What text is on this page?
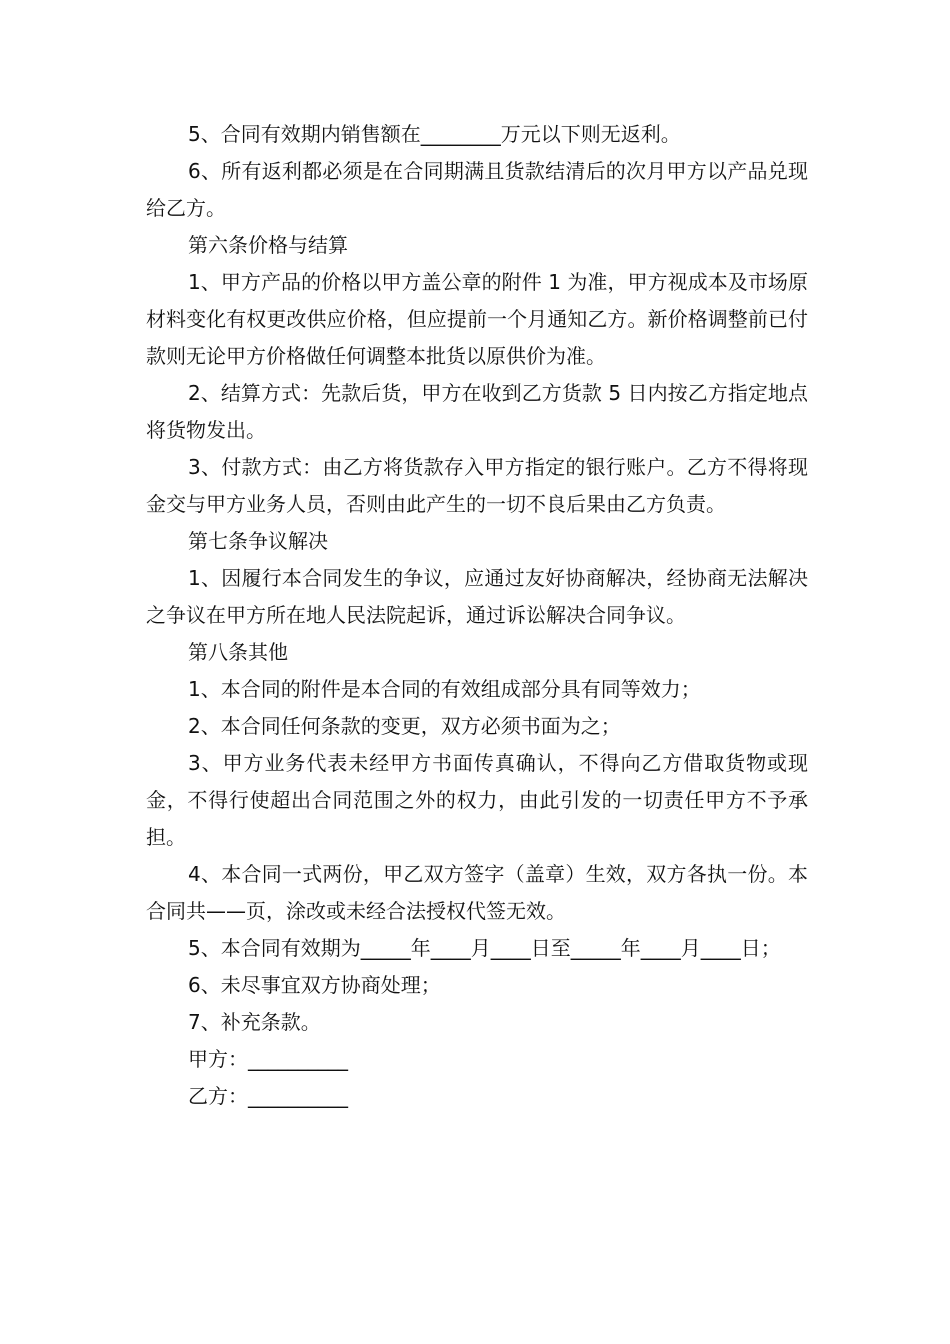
5、合同有效期内销售额在________万元以下则无返利。

6、所有返利都必须是在合同期满且货款结清后的次月甲方以产品兑现给乙方。

第六条价格与结算

1、甲方产品的价格以甲方盖公章的附件 1 为准，甲方视成本及市场原材料变化有权更改供应价格，但应提前一个月通知乙方。新价格调整前已付款则无论甲方价格做任何调整本批货以原供价为准。

2、结算方式：先款后货，甲方在收到乙方货款 5 日内按乙方指定地点将货物发出。

3、付款方式：由乙方将货款存入甲方指定的银行账户。乙方不得将现金交与甲方业务人员，否则由此产生的一切不良后果由乙方负责。

第七条争议解决

1、因履行本合同发生的争议，应通过友好协商解决，经协商无法解决之争议在甲方所在地人民法院起诉，通过诉讼解决合同争议。

第八条其他

1、本合同的附件是本合同的有效组成部分具有同等效力；

2、本合同任何条款的变更，双方必须书面为之；

3、甲方业务代表未经甲方书面传真确认，不得向乙方借取货物或现金，不得行使超出合同范围之外的权力，由此引发的一切责任甲方不予承担。

4、本合同一式两份，甲乙双方签字（盖章）生效，双方各执一份。本合同共——页，涂改或未经合法授权代签无效。

5、本合同有效期为_____年____月____日至_____年____月____日；

6、未尽事宜双方协商处理；

7、补充条款。

甲方：__________

乙方：__________
